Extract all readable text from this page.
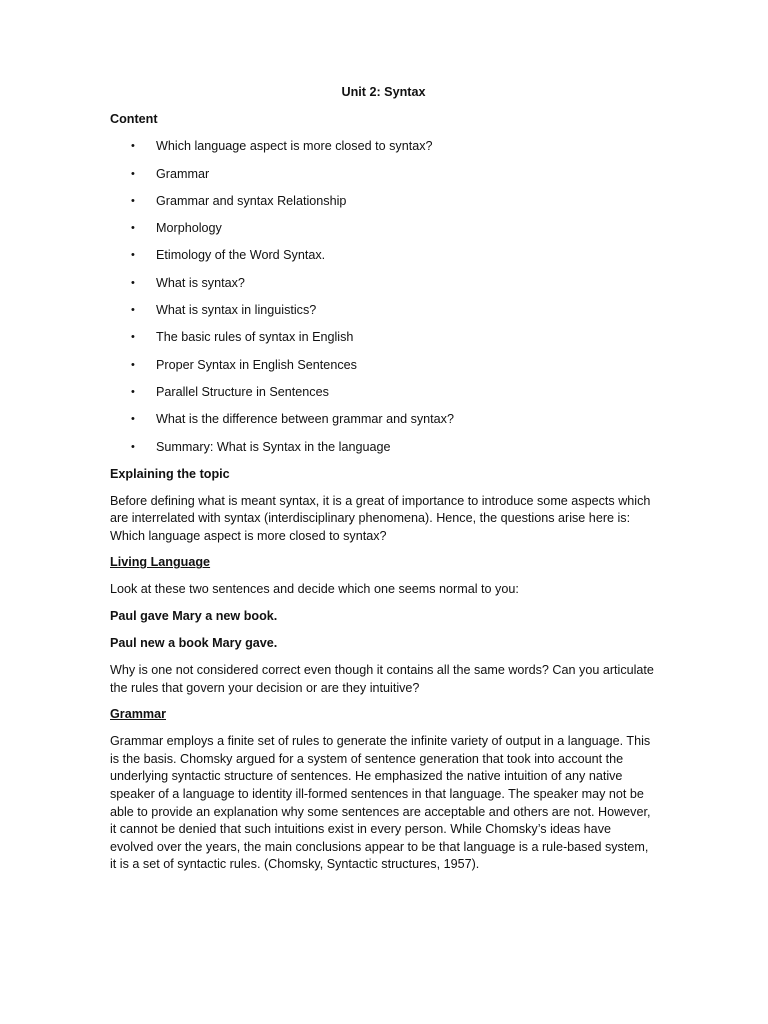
Unit 2: Syntax
Content
• Which language aspect is more closed to syntax?
• Grammar
• Grammar and syntax Relationship
• Morphology
• Etimology of the Word Syntax.
• What is syntax?
• What is syntax in linguistics?
• The basic rules of syntax in English
• Proper Syntax in English Sentences
• Parallel Structure in Sentences
• What is the difference between grammar and syntax?
• Summary: What is Syntax in the language
Explaining the topic

Before defining what is meant syntax, it is a great of importance to introduce some aspects which are interrelated with syntax (interdisciplinary phenomena). Hence, the questions arise here is: Which language aspect is more closed to syntax?

Living Language

Look at these two sentences and decide which one seems normal to you:

Paul gave Mary a new book.
Paul new a book Mary gave.

Why is one not considered correct even though it contains all the same words? Can you articulate the rules that govern your decision or are they intuitive?

Grammar

Grammar employs a finite set of rules to generate the infinite variety of output in a language. This is the basis. Chomsky argued for a system of sentence generation that took into account the underlying syntactic structure of sentences. He emphasized the native intuition of any native speaker of a language to identity ill-formed sentences in that language. The speaker may not be able to provide an explanation why some sentences are acceptable and others are not. However, it cannot be denied that such intuitions exist in every person. While Chomsky’s ideas have evolved over the years, the main conclusions appear to be that language is a rule-based system, it is a set of syntactic rules. (Chomsky, Syntactic structures, 1957).
